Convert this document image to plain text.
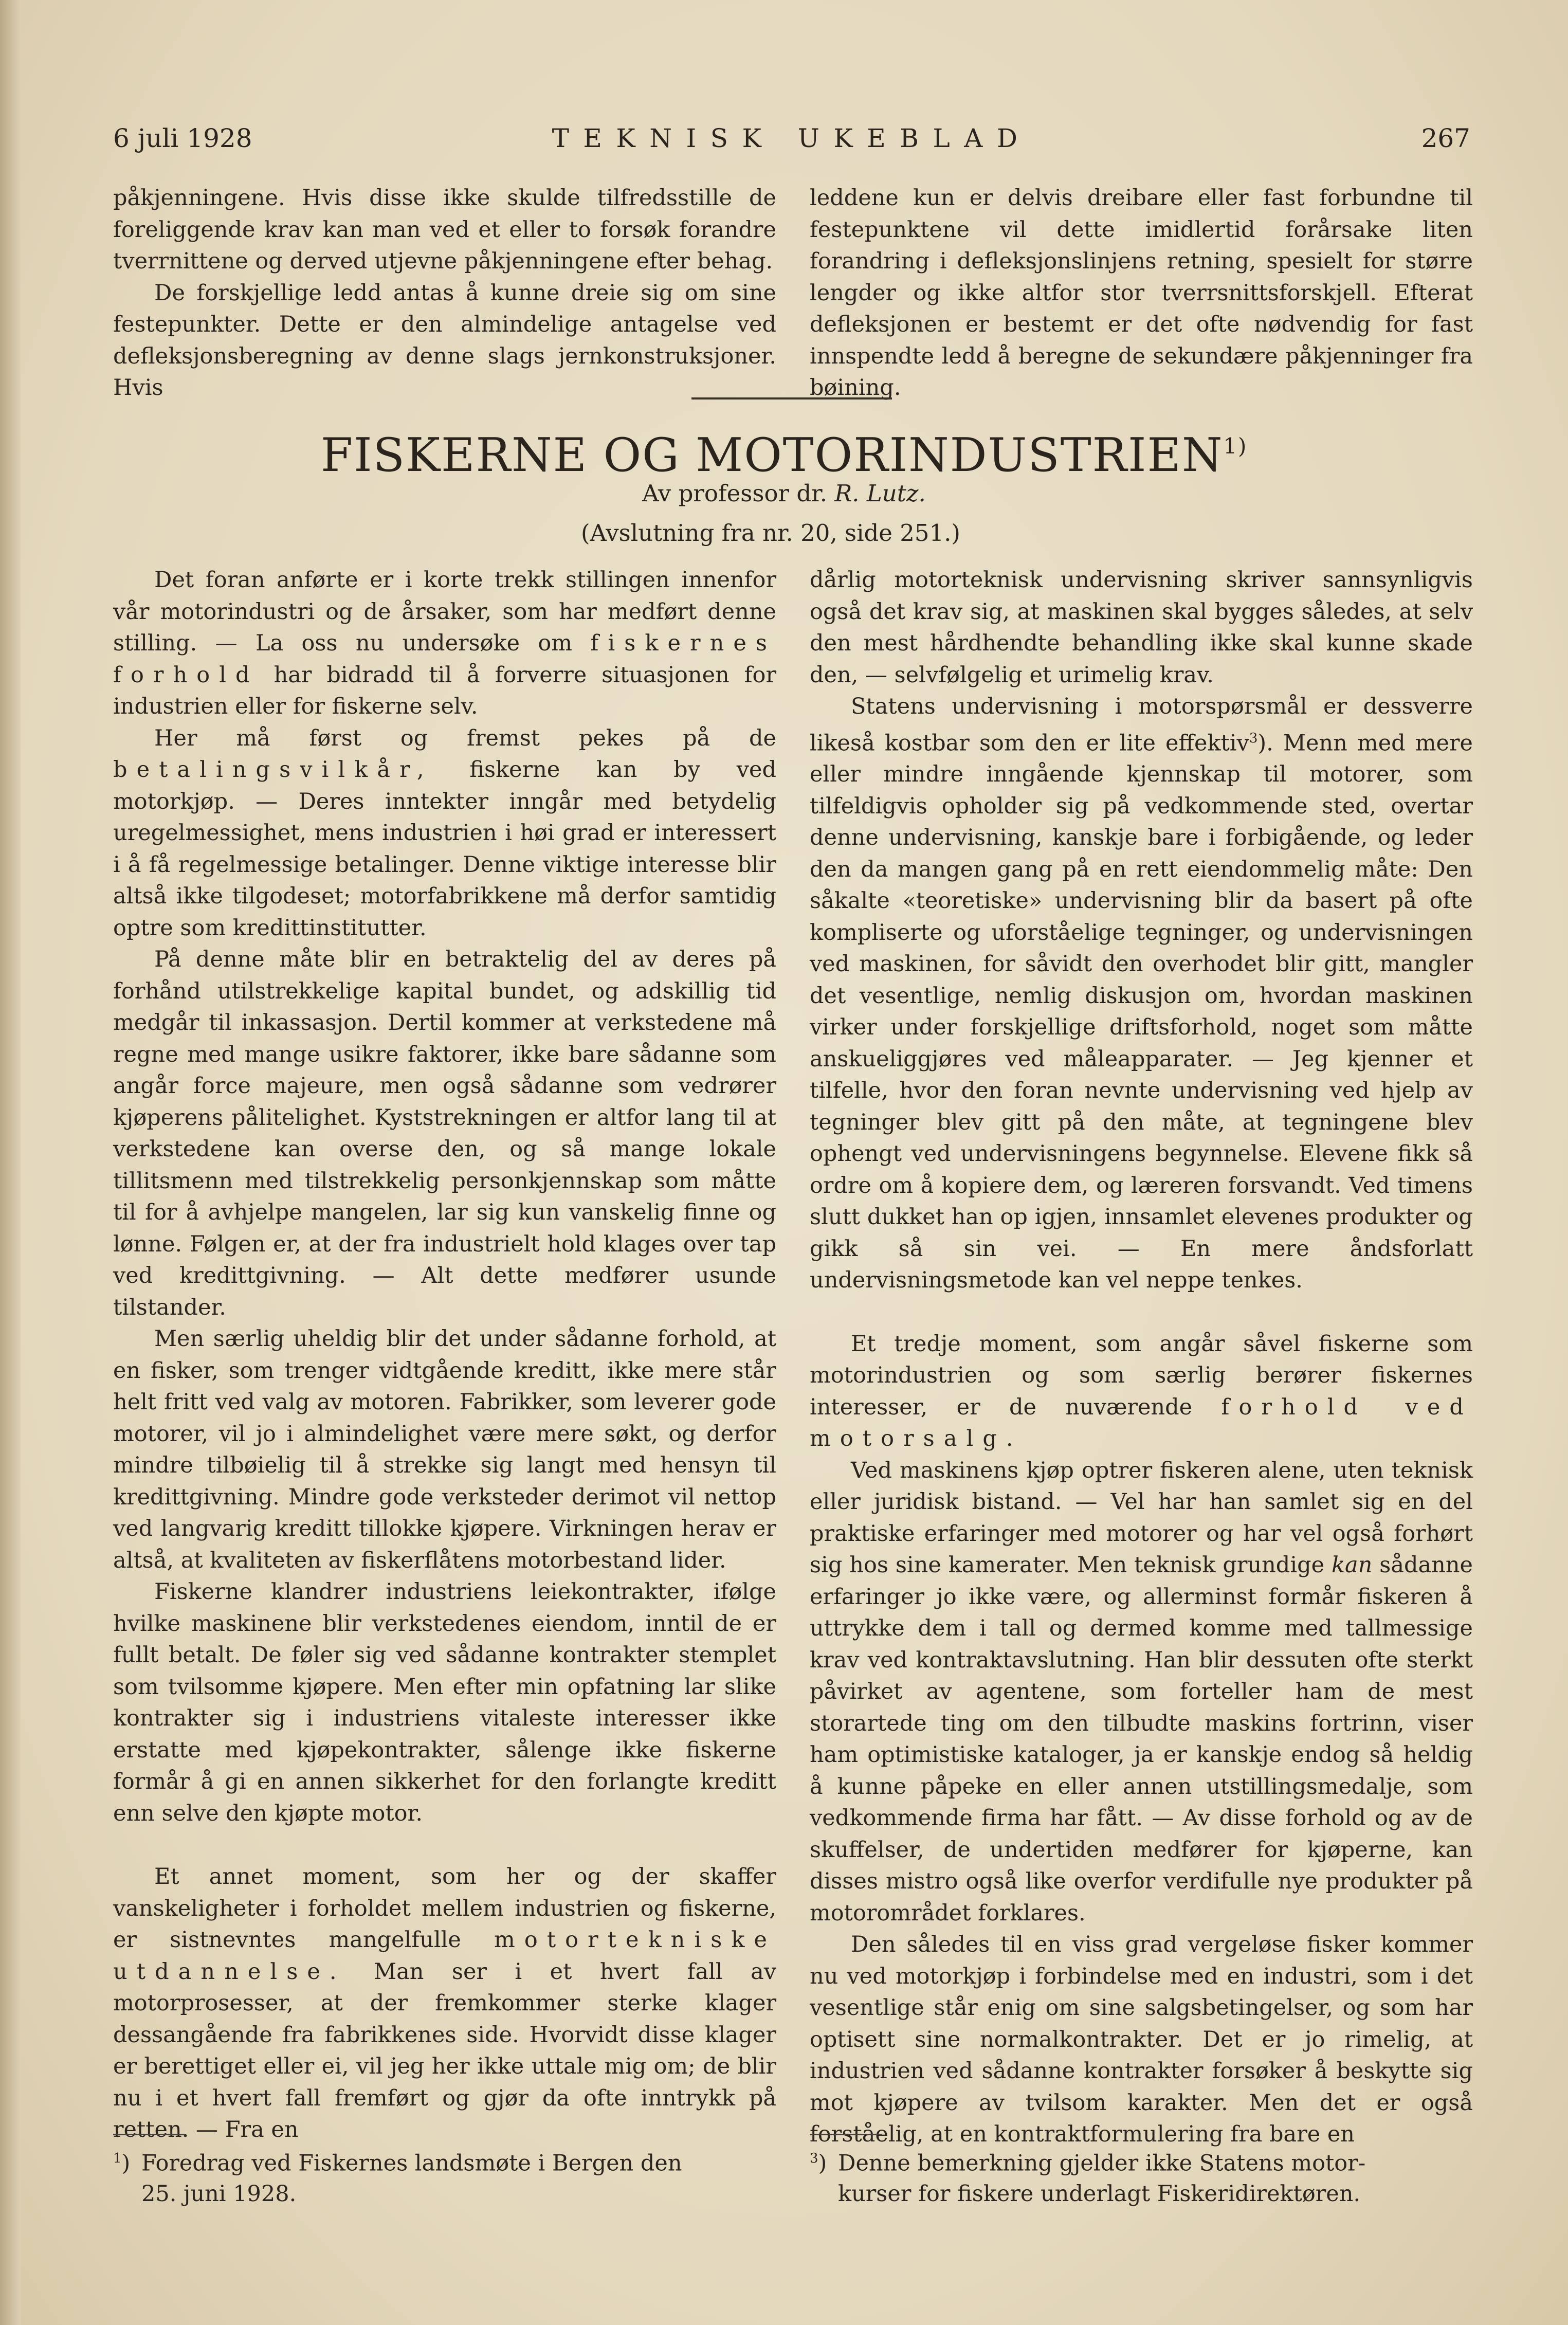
6 juli 1928	TEKNISK UKEBLAD	267

påkjenningene. Hvis disse ikke skulde tilfredsstille de foreliggende krav kan man ved et eller to forsøk forandre tverrnittene og derved utjevne påkjenningene efter behag.

De forskjellige ledd antas å kunne dreie sig om sine festepunkter. Dette er den almindelige antagelse ved defleksjonsberegning av denne slags jernkonstruksjoner. Hvis

leddene kun er delvis dreibare eller fast forbundne til festepunktene vil dette imidlertid forårsake liten forandring i defleksjonslinjens retning, spesielt for større lengder og ikke altfor stor tverrsnittsforskjell. Efterat defleksjonen er bestemt er det ofte nødvendig for fast innspendte ledd å beregne de sekundære påkjenninger fra bøining.

FISKERNE OG MOTORINDUSTRIEN$^{1)}$
Av professor dr. R. Lutz.
(Avslutning fra nr. 20, side 251.)

Det foran anførte er i korte trekk stillingen innenfor vår motorindustri og de årsaker, som har medført denne stilling. — La oss nu undersøke om fiskernes forhold har bidradd til å forverre situasjonen for industrien eller for fiskerne selv.

Her må først og fremst pekes på de betalingsvilkår, fiskerne kan by ved motorkjøp. — Deres inntekter inngår med betydelig uregelmessighet, mens industrien i høi grad er interessert i å få regelmessige betalinger. Denne viktige interesse blir altså ikke tilgodeset; motorfabrikkene må derfor samtidig optre som kredittinstitutter.

På denne måte blir en betraktelig del av deres på forhånd utilstrekkelige kapital bundet, og adskillig tid medgår til inkassasjon. Dertil kommer at verkstedene må regne med mange usikre faktorer, ikke bare sådanne som angår force majeure, men også sådanne som vedrører kjøperens pålitelighet. Kyststrekningen er altfor lang til at verkstedene kan overse den, og så mange lokale tillitsmenn med tilstrekkelig personkjennskap som måtte til for å avhjelpe mangelen, lar sig kun vanskelig finne og lønne. Følgen er, at der fra industrielt hold klages over tap ved kredittgivning. — Alt dette medfører usunde tilstander.

Men særlig uheldig blir det under sådanne forhold, at en fisker, som trenger vidtgående kreditt, ikke mere står helt fritt ved valg av motoren. Fabrikker, som leverer gode motorer, vil jo i almindelighet være mere søkt, og derfor mindre tilbøielig til å strekke sig langt med hensyn til kredittgivning. Mindre gode verksteder derimot vil nettop ved langvarig kreditt tillokke kjøpere. Virkningen herav er altså, at kvaliteten av fiskerflåtens motorbestand lider.

Fiskerne klandrer industriens leiekontrakter, ifølge hvilke maskinene blir verkstedenes eiendom, inntil de er fullt betalt. De føler sig ved sådanne kontrakter stemplet som tvilsomme kjøpere. Men efter min opfatning lar slike kontrakter sig i industriens vitaleste interesser ikke erstatte med kjøpekontrakter, sålenge ikke fiskerne formår å gi en annen sikkerhet for den forlangte kreditt enn selve den kjøpte motor.

Et annet moment, som her og der skaffer vanskeligheter i forholdet mellem industrien og fiskerne, er sistnevntes mangelfulle motortekniske utdannelse. Man ser i et hvert fall av motorprosesser, at der fremkommer sterke klager dessangående fra fabrikkenes side. Hvorvidt disse klager er berettiget eller ei, vil jeg her ikke uttale mig om; de blir nu i et hvert fall fremført og gjør da ofte inntrykk på retten. — Fra en

dårlig motorteknisk undervisning skriver sannsynligvis også det krav sig, at maskinen skal bygges således, at selv den mest hårdhendte behandling ikke skal kunne skade den, — selvfølgelig et urimelig krav.

Statens undervisning i motorspørsmål er dessverre likeså kostbar som den er lite effektiv$^3$). Menn med mere eller mindre inngående kjennskap til motorer, som tilfeldigvis opholder sig på vedkommende sted, overtar denne undervisning, kanskje bare i forbigående, og leder den da mangen gang på en rett eiendommelig måte: Den såkalte «teoretiske» undervisning blir da basert på ofte kompliserte og uforståelige tegninger, og undervisningen ved maskinen, for såvidt den overhodet blir gitt, mangler det vesentlige, nemlig diskusjon om, hvordan maskinen virker under forskjellige driftsforhold, noget som måtte anskueliggjøres ved måleapparater. — Jeg kjenner et tilfelle, hvor den foran nevnte undervisning ved hjelp av tegninger blev gitt på den måte, at tegningene blev ophengt ved undervisningens begynnelse. Elevene fikk så ordre om å kopiere dem, og læreren forsvandt. Ved timens slutt dukket han op igjen, innsamlet elevenes produkter og gikk så sin vei. — En mere åndsforlatt undervisningsmetode kan vel neppe tenkes.

Et tredje moment, som angår såvel fiskerne som motorindustrien og som særlig berører fiskernes interesser, er de nuværende forhold ved motorsalg.

Ved maskinens kjøp optrer fiskeren alene, uten teknisk eller juridisk bistand. — Vel har han samlet sig en del praktiske erfaringer med motorer og har vel også forhørt sig hos sine kamerater. Men teknisk grundige kan sådanne erfaringer jo ikke være, og allerminst formår fiskeren å uttrykke dem i tall og dermed komme med tallmessige krav ved kontraktavslutning. Han blir dessuten ofte sterkt påvirket av agentene, som forteller ham de mest storartede ting om den tilbudte maskins fortrinn, viser ham optimistiske kataloger, ja er kanskje endog så heldig å kunne påpeke en eller annen utstillingsmedalje, som vedkommende firma har fått. — Av disse forhold og av de skuffelser, de undertiden medfører for kjøperne, kan disses mistro også like overfor verdifulle nye produkter på motorområdet forklares.

Den således til en viss grad vergeløse fisker kommer nu ved motorkjøp i forbindelse med en industri, som i det vesentlige står enig om sine salgsbetingelser, og som har optisett sine normalkontrakter. Det er jo rimelig, at industrien ved sådanne kontrakter forsøker å beskytte sig mot kjøpere av tvilsom karakter. Men det er også forståelig, at en kontraktformulering fra bare en

$^1$) Foredrag ved Fiskernes landsmøte i Bergen den
25. juni 1928.
$^3$) Denne bemerkning gjelder ikke Statens motor-
kurser for fiskere underlagt Fiskeridirektøren.
